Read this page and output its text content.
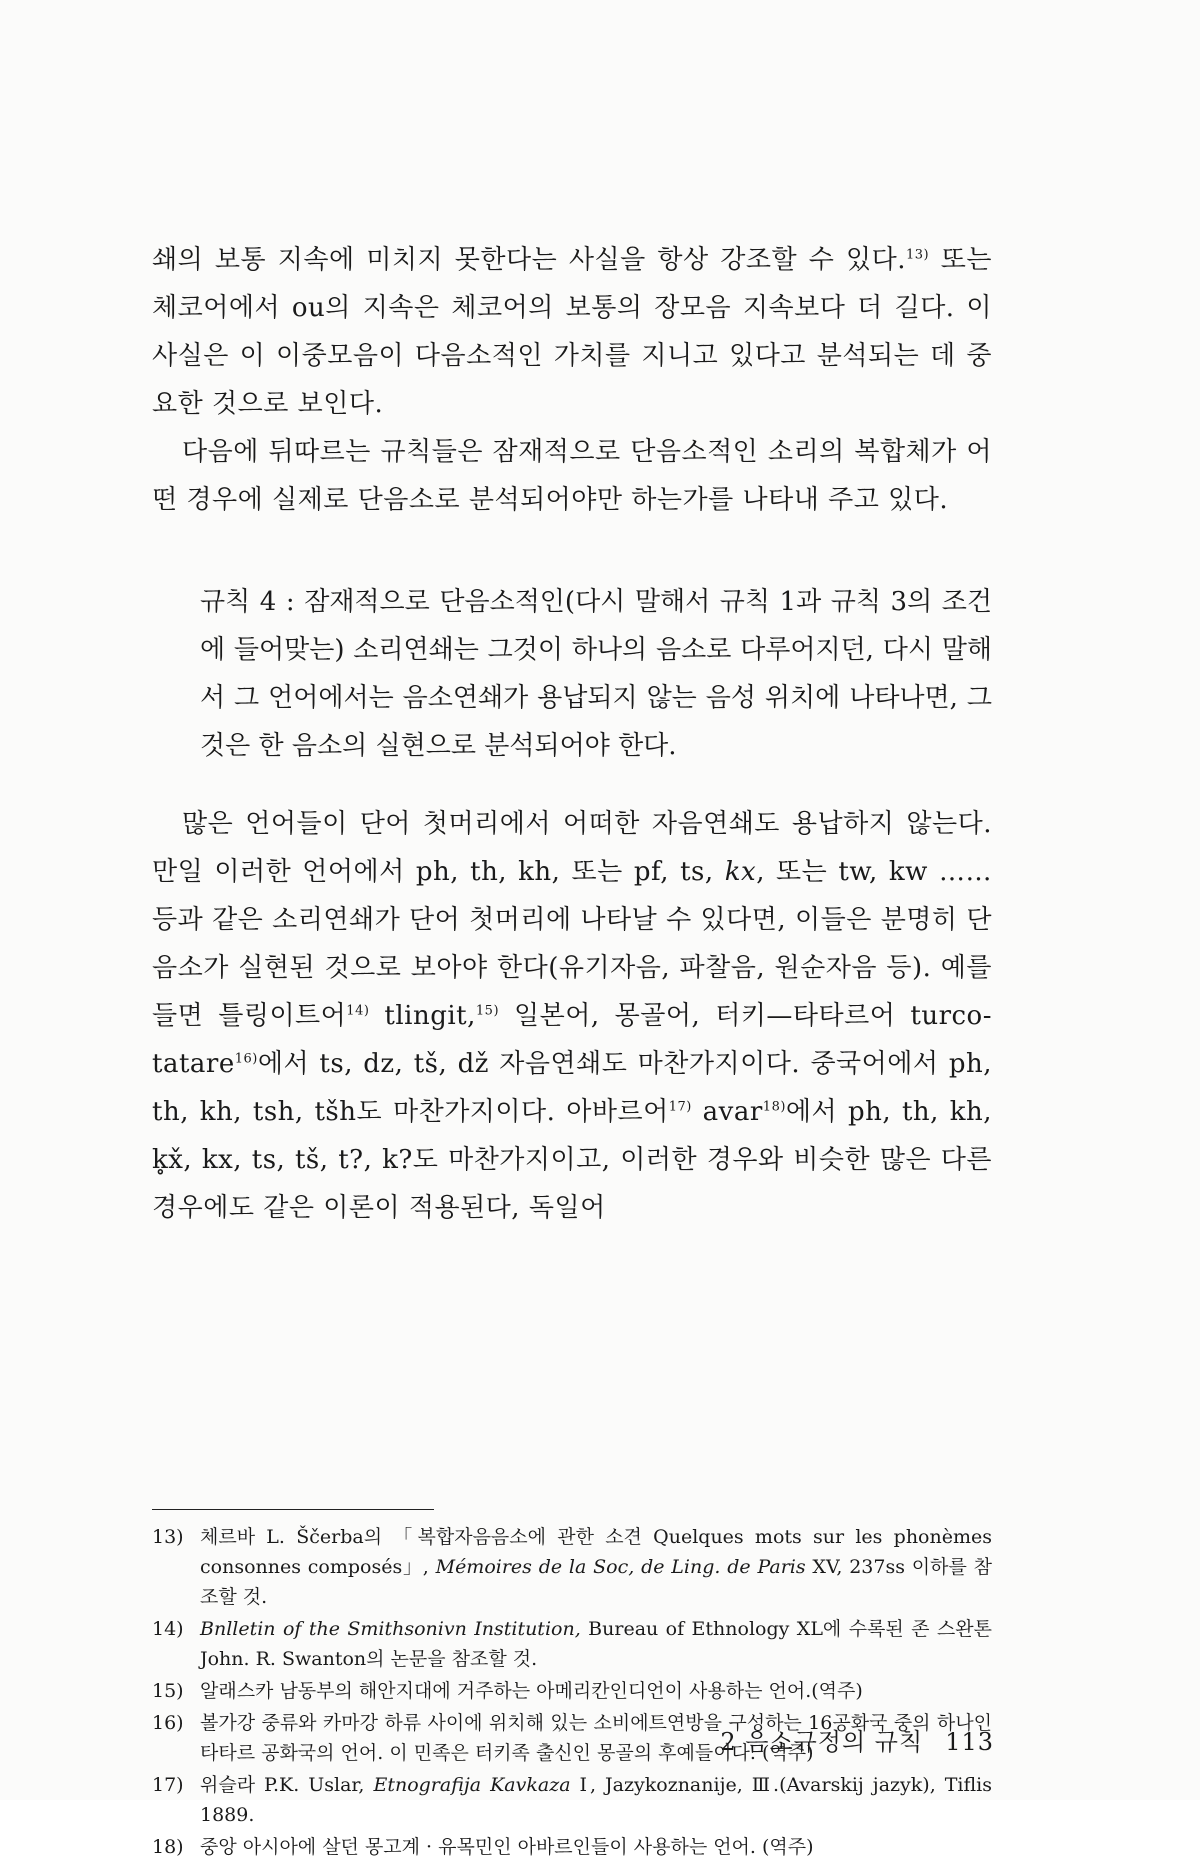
쇄의 보통 지속에 미치지 못한다는 사실을 항상 강조할 수 있다.$^{13)}$ 또는 체코어에서 ou의 지속은 체코어의 보통의 장모음 지속보다 더 길다. 이 사실은 이 이중모음이 다음소적인 가치를 지니고 있다고 분석되는 데 중요한 것으로 보인다.

다음에 뒤따르는 규칙들은 잠재적으로 단음소적인 소리의 복합체가 어떤 경우에 실제로 단음소로 분석되어야만 하는가를 나타내 주고 있다.

규칙 4 : 잠재적으로 단음소적인(다시 말해서 규칙 1과 규칙 3의 조건에 들어맞는) 소리연쇄는 그것이 하나의 음소로 다루어지던, 다시 말해서 그 언어에서는 음소연쇄가 용납되지 않는 음성 위치에 나타나면, 그것은 한 음소의 실현으로 분석되어야 한다.

많은 언어들이 단어 첫머리에서 어떠한 자음연쇄도 용납하지 않는다. 만일 이러한 언어에서 ph, th, kh, 또는 pf, ts, kx, 또는 tw, kw …… 등과 같은 소리연쇄가 단어 첫머리에 나타날 수 있다면, 이들은 분명히 단음소가 실현된 것으로 보아야 한다(유기자음, 파찰음, 원순자음 등). 예를 들면 틀링이트어$^{14)}$ tlingit,$^{15)}$ 일본어, 몽골어, 터키—타타르어 turco-tatare$^{16)}$에서 ts, dz, tš, dž 자음연쇄도 마찬가지이다. 중국어에서 ph, th, kh, tsh, tšh도 마찬가지이다. 아바르어$^{17)}$ avar$^{18)}$에서 ph, th, kh, k̥x̌, kx, ts, tš, t?, k?도 마찬가지이고, 이러한 경우와 비슷한 많은 다른 경우에도 같은 이론이 적용된다, 독일어

13) 체르바 L. Ščerba의 「복합자음음소에 관한 소견 Quelques mots sur les phonèmes consonnes composés」, Mémoires de la Soc, de Ling. de Paris XV, 237ss 이하를 참조할 것.

14) Bnlletin of the Smithsonivn Institution, Bureau of Ethnology XL에 수록된 존 스완톤 John. R. Swanton의 논문을 참조할 것.

15) 알래스카 남동부의 해안지대에 거주하는 아메리칸인디언이 사용하는 언어.(역주)

16) 볼가강 중류와 카마강 하류 사이에 위치해 있는 소비에트연방을 구성하는 16공화국 중의 하나인 타타르 공화국의 언어. 이 민족은 터키족 출신인 몽골의 후예들이다. (역주)

17) 위슬라 P.K. Uslar, Etnografija Kavkaza Ⅰ, Jazykoznanije, Ⅲ.(Avarskij jazyk), Tiflis 1889.

18) 중앙 아시아에 살던 몽고계 · 유목민인 아바르인들이 사용하는 언어. (역주)

2 음소규정의 규칙 113
